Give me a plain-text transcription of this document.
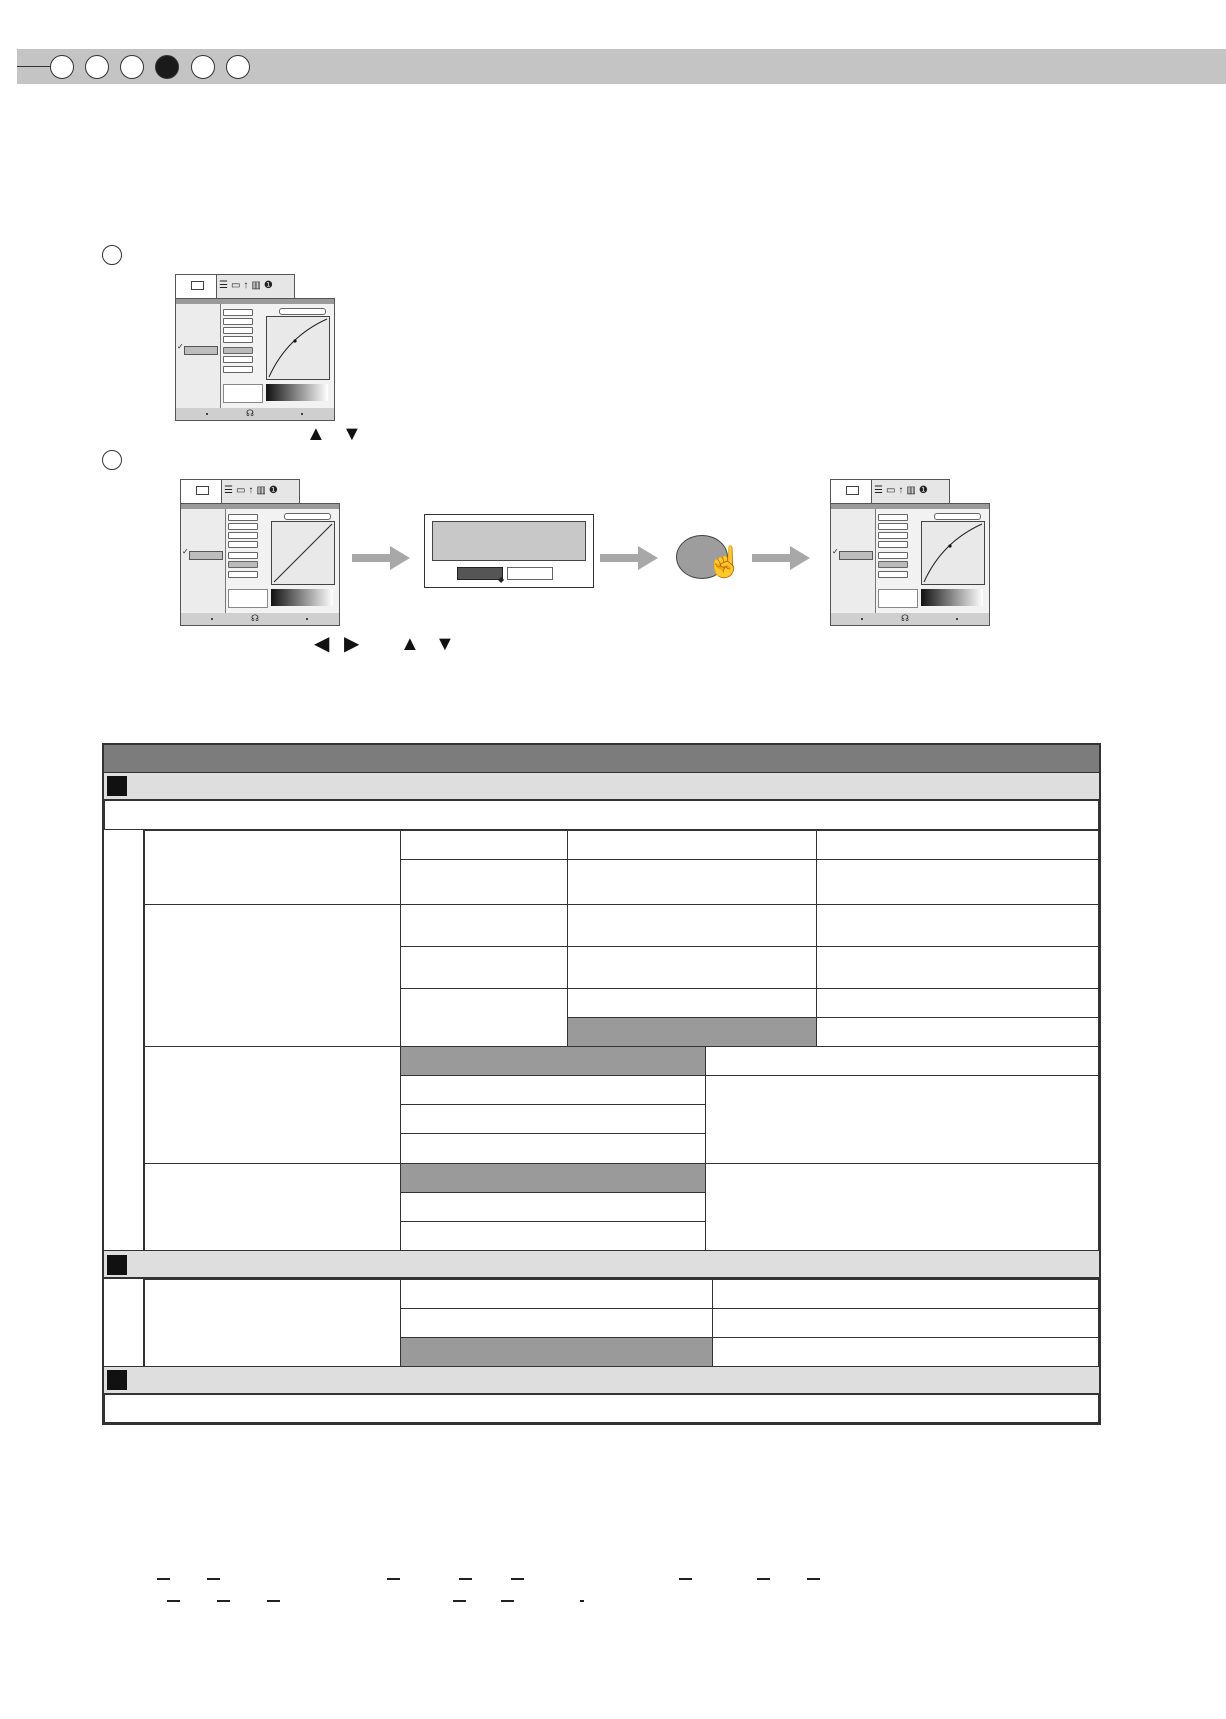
☰▭↑▥❶
✓
☊
▲ ▼
☰▭↑▥❶
✓
☊
◆
☝
☰▭↑▥❶
✓
☊
◀ ▶ ▲ ▼
